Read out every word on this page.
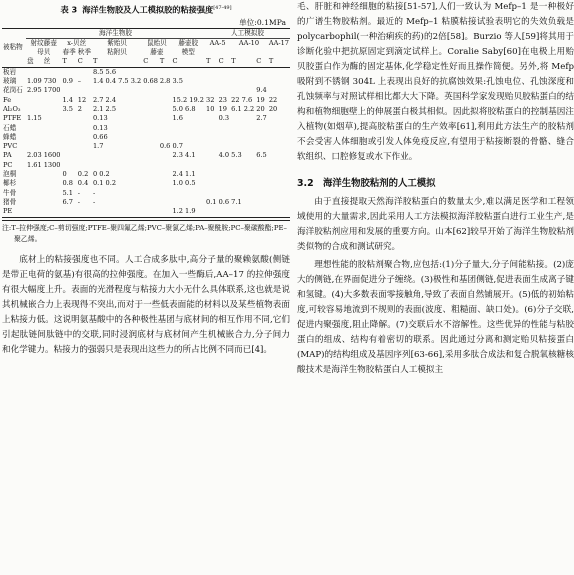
表 3 海洋生物胶及人工模拟胶的粘接强度[47-49]
单位:0.1MPa
被粘物	海洋生物胶								人工模拟胶				
	射纹藤壶		x-贝丝		紫贻贝	鼠贻贝		藤壶胶	AA-5		AA-10		AA-17
	母贝		春季	秋季	粘附贝	藤壶		模型					
	盘	丝	T	C	T	C	T	C	T	C	T	C	T
板岩					8.5 5.6								
玻璃	1.09	730	0.9	–	1.4 0.4 7.5 3.2	0.68	2.8	3.5					
花岗石	2.95	1700										9.4	
Fe			1.4	12	2.7 2.4			15.2 19.2	32	23	22 7.6	19	22
Al₂O₃			3.5	2	2.1 2.5			5.0 6.8	10	19	6.1 2.2	20	20
PTFE	1.15				0.13			1.6		0.3		2.7	
石蜡					0.13								
蜂蜡					0.66								
PVC					1.7		0.6	0.7					
PA	2.03	1600						2.3 4.1		4.0	5.3	6.5	
PC	1.61	1300											
泡桐			0	0.2	0 0.2			2.4 1.1					
椰杉			0.8	0.4	0.1 0.2			1.0 0.5					
牛骨			5.1	-	-								
猪骨			6.7	-	-				0.1	0.6	7.1		
PE								1.2 1.9					
注:T–拉伸强度;C–剪切强度;PTFE–聚四氟乙烯;PVC–聚氯乙烯;PA–聚酰胺;PC–聚碳酸酯;PE–聚乙烯。

底材上的粘接强度也不同。人工合成多肽中,高分子量的聚赖氨酸(侧链是带正电荷的氨基)有很高的拉伸强度。在加入一些酶后,AA–17 的拉伸强度有很大幅度上升。表面的光滑程度与粘接力大小无什么具体联系,这也就是说其机械嵌合力上表现得不突出,而对于一些低表面能的材料以及某些植物表面上粘接力低。这说明氨基酸中的各种极性基团与底材间的相互作用不同,它们引起肽链间肽链中的交联,同时浸润底材与底材间产生机械嵌合力,分子间力和化学键力。粘接力的强弱只是表现出这些力的所占比例不同而已[4]。

毛、肝脏和神经细胞的粘接[51-57],人们一致认为 Mefp–1 是一种极好的广谱生物胶粘剂。最近的 Mefp–1 粘膜粘接试验表明它的失效负载是 polycarbophil(一种治痢疾的药)的2倍[58]。Burzio 等人[59]将其用于诊断化验中把抗原固定到滴定试样上。Coralie Saby[60]在电极上用贻贝胶蛋白作为酶的固定基体,化学稳定性好而且操作简便。另外,将 Mefp 吸附到不锈钢 304L 上表现出良好的抗腐蚀效果:孔蚀电位、孔蚀深度和孔蚀频率与对照试样相比都大大下降。英国科学家发现贻贝胶粘蛋白的结构和植物细胞壁上的伸展蛋白极其相似。因此拟将胶粘蛋白的控制基因注入植物(如烟草),提高胶粘蛋白的生产效率[61],利用此方法生产的胶粘剂不会受害人体细胞或引发人体免疫反应,有望用于粘接断裂的骨骼、缝合软组织、口腔修复或水下作业。

3.2　海洋生物胶粘剂的人工模拟

由于直接提取天然海洋胶粘蛋白的数量太少,难以满足医学和工程领域使用的大量需求,因此采用人工方法模拟海洋胶粘蛋白进行工业生产,是海洋胶粘剂应用和发展的重要方向。山本[62]较早开始了海洋生物胶粘剂类似物的合成和测试研究。

理想性能的胶粘剂聚合物,应包括:(1)分子量大,分子间能粘接。(2)庞大的侧链,在界面促进分子缠绕。(3)极性和基团侧链,促进表面生成离子键和氢键。(4)大多数表面零接触角,导致了表面自然铺展开。(5)低的初始粘度,可较容易地流到不规则的表面(波度、粗糙面、缺口处)。(6)分子交联,促进内聚强度,阻止降解。(7)交联后水不溶解性。这些优异的性能与粘胶蛋白的组成、结构有着密切的联系。因此通过分离和测定贻贝粘接蛋白(MAP)的结构组成及基因序列[63-66],采用多肽合成法和复合脱氧核糖核酸技术是海洋生物胶粘蛋白人工模拟主
